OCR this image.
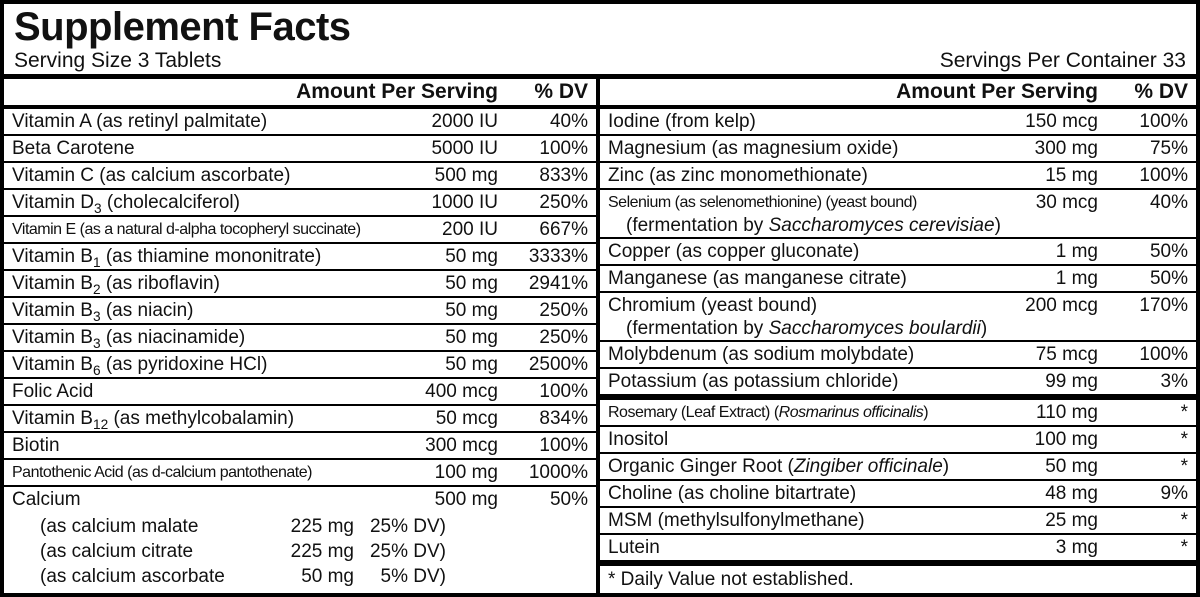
Supplement Facts
Serving Size 3 Tablets	Servings Per Container 33
Amount Per Serving	% DV
Vitamin A (as retinyl palmitate)	2000 IU	40%
Beta Carotene	5000 IU	100%
Vitamin C (as calcium ascorbate)	500 mg	833%
Vitamin $D_3$ (cholecalciferol)	1000 IU	250%
Vitamin E (as a natural d-alpha tocopheryl succinate)	200 IU	667%
Vitamin $B_1$ (as thiamine mononitrate)	50 mg	3333%
Vitamin $B_2$ (as riboflavin)	50 mg	2941%
Vitamin $B_3$ (as niacin)	50 mg	250%
Vitamin $B_3$ (as niacinamide)	50 mg	250%
Vitamin $B_6$ (as pyridoxine HCl)	50 mg	2500%
Folic Acid	400 mcg	100%
Vitamin $B_{12}$ (as methylcobalamin)	50 mcg	834%
Biotin	300 mcg	100%
Pantothenic Acid (as d-calcium pantothenate)	100 mg	1000%
Calcium	500 mg	50%
(as calcium malate	225 mg 25% DV)
(as calcium citrate	225 mg 25% DV)
(as calcium ascorbate	50 mg	5% DV)
Amount Per Serving	% DV
Iodine (from kelp)	150 mcg	100%
Magnesium (as magnesium oxide)	300 mg	75%
Zinc (as zinc monomethionate)	15 mg	100%
Selenium (as selenomethionine) (yeast bound)	30 mcg	40%
(fermentation by Saccharomyces cerevisiae)
Copper (as copper gluconate)	1 mg	50%
Manganese (as manganese citrate)	1 mg	50%
Chromium (yeast bound)	200 mcg	170%
(fermentation by Saccharomyces boulardii)
Molybdenum (as sodium molybdate)	75 mcg	100%
Potassium (as potassium chloride)	99 mg	3%
Rosemary (Leaf Extract) (Rosmarinus officinalis)	110 mg	*
Inositol	100 mg	*
Organic Ginger Root (Zingiber officinale)	50 mg	*
Choline (as choline bitartrate)	48 mg	9%
MSM (methylsulfonylmethane)	25 mg	*
Lutein	3 mg	*
* Daily Value not established.
